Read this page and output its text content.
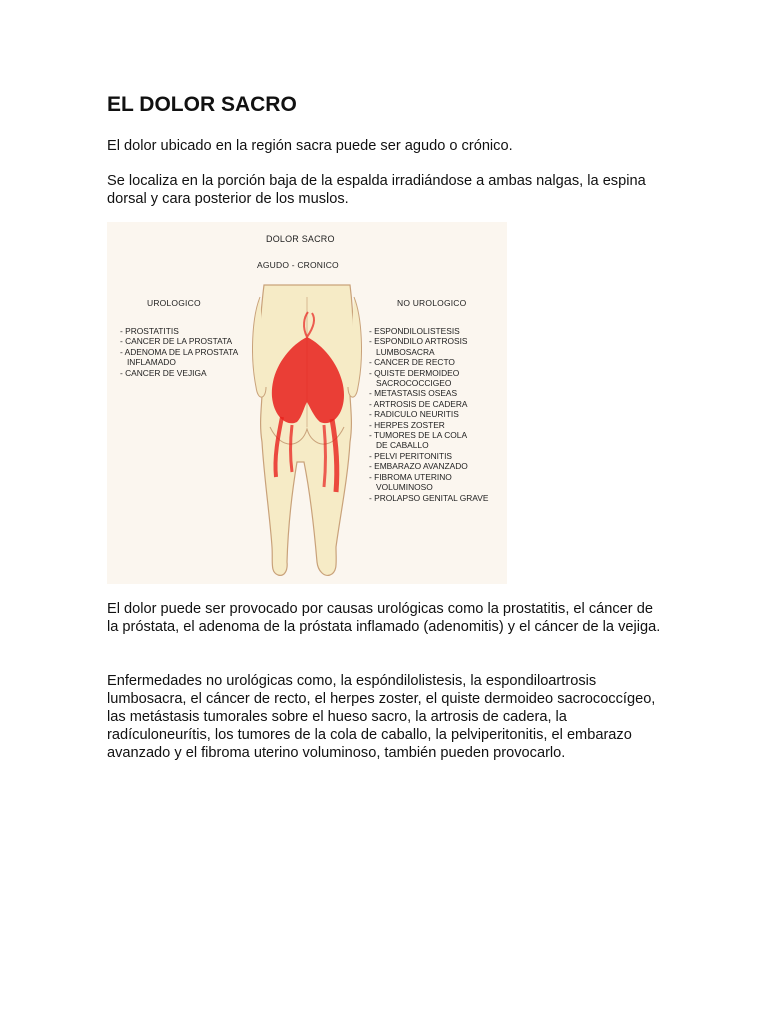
EL DOLOR SACRO

El dolor ubicado en la región sacra puede ser agudo o crónico.

Se localiza en la porción baja de la espalda irradiándose a ambas nalgas, la espina dorsal y cara posterior de los muslos.

DOLOR SACRO
AGUDO - CRONICO
UROLOGICO
- PROSTATITIS
- CANCER DE LA PROSTATA
- ADENOMA DE LA PROSTATA
INFLAMADO
- CANCER DE VEJIGA
NO UROLOGICO
- ESPONDILOLISTESIS
- ESPONDILO ARTROSIS
LUMBOSACRA
- CANCER DE RECTO
- QUISTE DERMOIDEO
SACROCOCCIGEO
- METASTASIS OSEAS
- ARTROSIS DE CADERA
- RADICULO NEURITIS
- HERPES ZOSTER
- TUMORES DE LA COLA
DE CABALLO
- PELVI PERITONITIS
- EMBARAZO AVANZADO
- FIBROMA UTERINO
VOLUMINOSO
- PROLAPSO GENITAL GRAVE

El dolor puede ser provocado por causas urológicas como la prostatitis, el cáncer de la próstata, el adenoma de la próstata inflamado (adenomitis) y el cáncer de la vejiga.

Enfermedades no urológicas como, la espóndilolistesis, la espondiloartrosis lumbosacra, el cáncer de recto, el herpes zoster, el quiste dermoideo sacrococcígeo, las metástasis tumorales sobre el hueso sacro, la artrosis de cadera, la radículoneurítis, los tumores de la cola de caballo, la pelviperitonitis, el embarazo avanzado y el fibroma uterino voluminoso, también pueden provocarlo.
